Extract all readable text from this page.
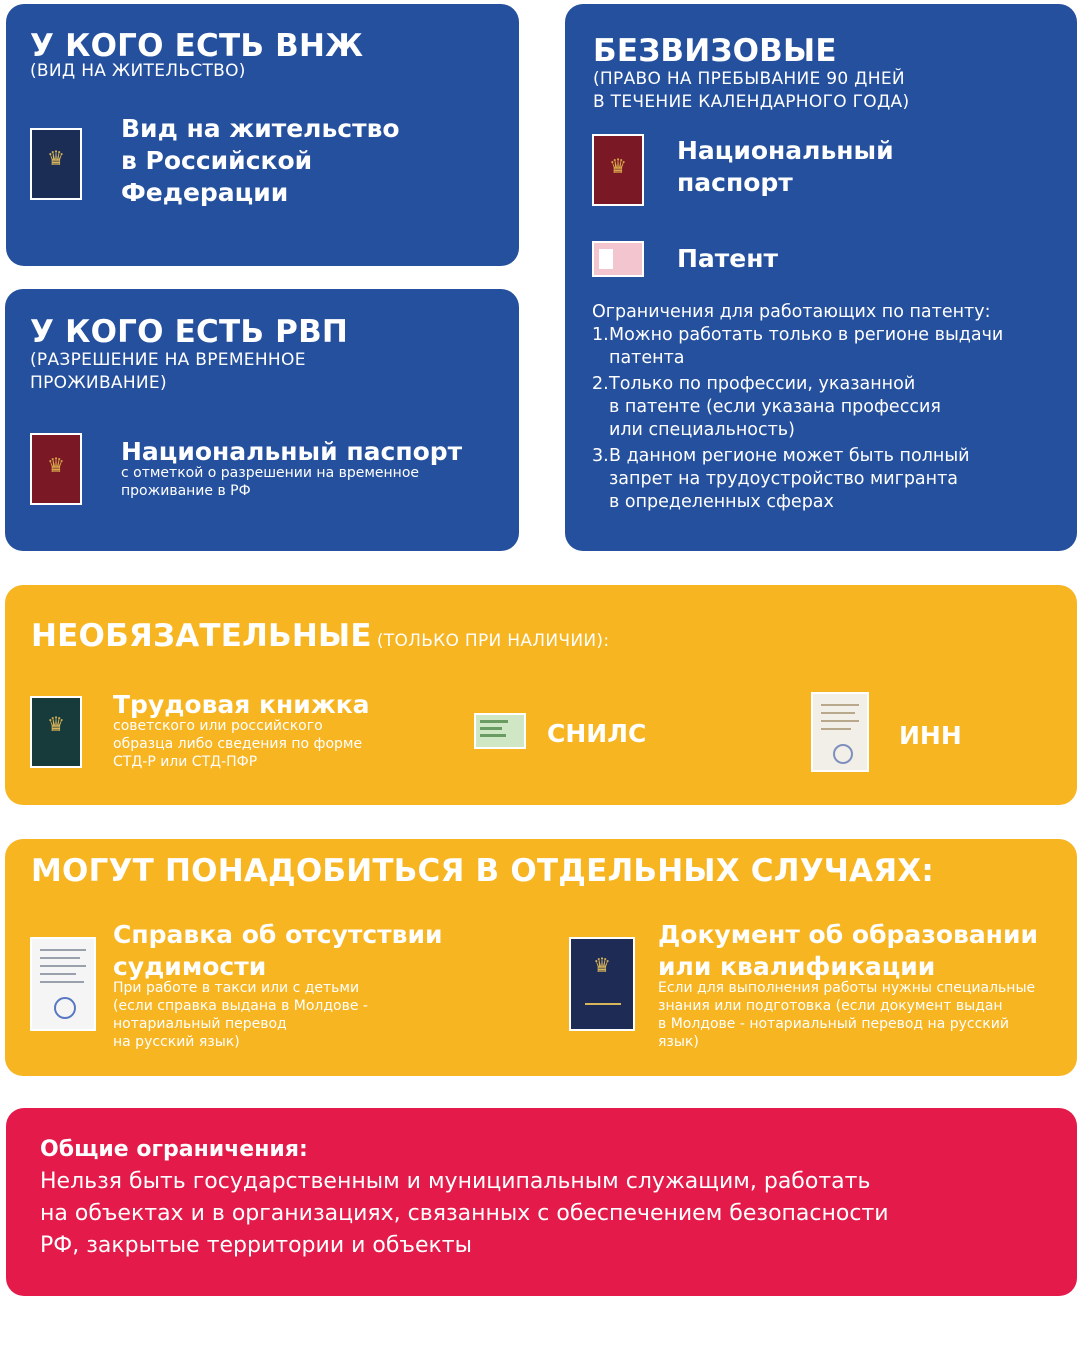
У КОГО ЕСТЬ ВНЖ
(ВИД НА ЖИТЕЛЬСТВО)
♛
Вид на жительство
в Российской
Федерации
У КОГО ЕСТЬ РВП
(РАЗРЕШЕНИЕ НА ВРЕМЕННОЕ
ПРОЖИВАНИЕ)
♛ Национальный паспорт
с отметкой о разрешении на временное
проживание в РФ
БЕЗВИЗОВЫЕ
(ПРАВО НА ПРЕБЫВАНИЕ 90 ДНЕЙ
В ТЕЧЕНИЕ КАЛЕНДАРНОГО ГОДА)
♛
Национальный
паспорт
Патент
Ограничения для работающих по патенту:
1. Можно работать только в регионе выдачи
патента
2. Только по профессии, указанной
в патенте (если указана профессия
или специальность)
3. В данном регионе может быть полный
запрет на трудоустройство мигранта
в определенных сферах
НЕОБЯЗАТЕЛЬНЫЕ (ТОЛЬКО ПРИ НАЛИЧИИ):
♛
Трудовая книжка
советского или российского
образца либо сведения по форме
СТД-Р или СТД-ПФР
СНИЛС	ИНН
МОГУТ ПОНАДОБИТЬСЯ В ОТДЕЛЬНЫХ СЛУЧАЯХ:
Справка об отсутствии
судимости
При работе в такси или с детьми
(если справка выдана в Молдове -
нотариальный перевод
на русский язык)
♛
Документ об образовании
или квалификации
Если для выполнения работы нужны специальные
знания или подготовка (если документ выдан
в Молдове - нотариальный перевод на русский
язык)
Общие ограничения:
Нельзя быть государственным и муниципальным служащим, работать
на объектах и в организациях, связанных с обеспечением безопасности
РФ, закрытые территории и объекты
